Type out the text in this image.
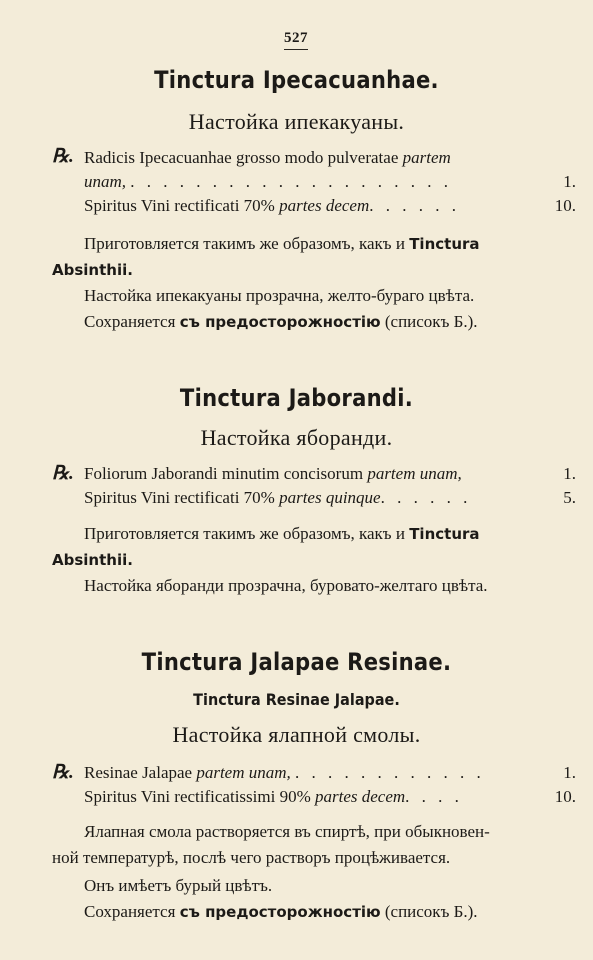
527
Tinctura Ipecacuanhae.
Настойка ипекакуаны.
℞. Radicis Ipecacuanhae grosso modo pulveratae partem
unam, . . . . . . . . . . . . . . . . . . . .	1.
Spiritus Vini rectificati 70% partes decem. . . . . .	10.
Приготовляется такимъ же образомъ, какъ и Tinctura
Absinthii.
Настойка ипекакуаны прозрачна, желто-бураго цвѣта.
Сохраняется съ предосторожностію (списокъ Б.).
Tinctura Jaborandi.
Настойка яборанди.
℞. Foliorum Jaborandi minutim concisorum partem unam,	1.
Spiritus Vini rectificati 70% partes quinque. . . . . .	5.
Приготовляется такимъ же образомъ, какъ и Tinctura
Absinthii.
Настойка яборанди прозрачна, буровато-желтаго цвѣта.
Tinctura Jalapae Resinae.
Tinctura Resinae Jalapae.
Настойка ялапной смолы.
℞. Resinae Jalapae partem unam, . . . . . . . . . . . .	1.
Spiritus Vini rectificatissimi 90% partes decem. . . .	10.
Ялапная смола растворяется въ спиртѣ, при обыкновен-
ной температурѣ, послѣ чего растворъ процѣживается.
Онъ имѣетъ бурый цвѣтъ.
Сохраняется съ предосторожностію (списокъ Б.).
